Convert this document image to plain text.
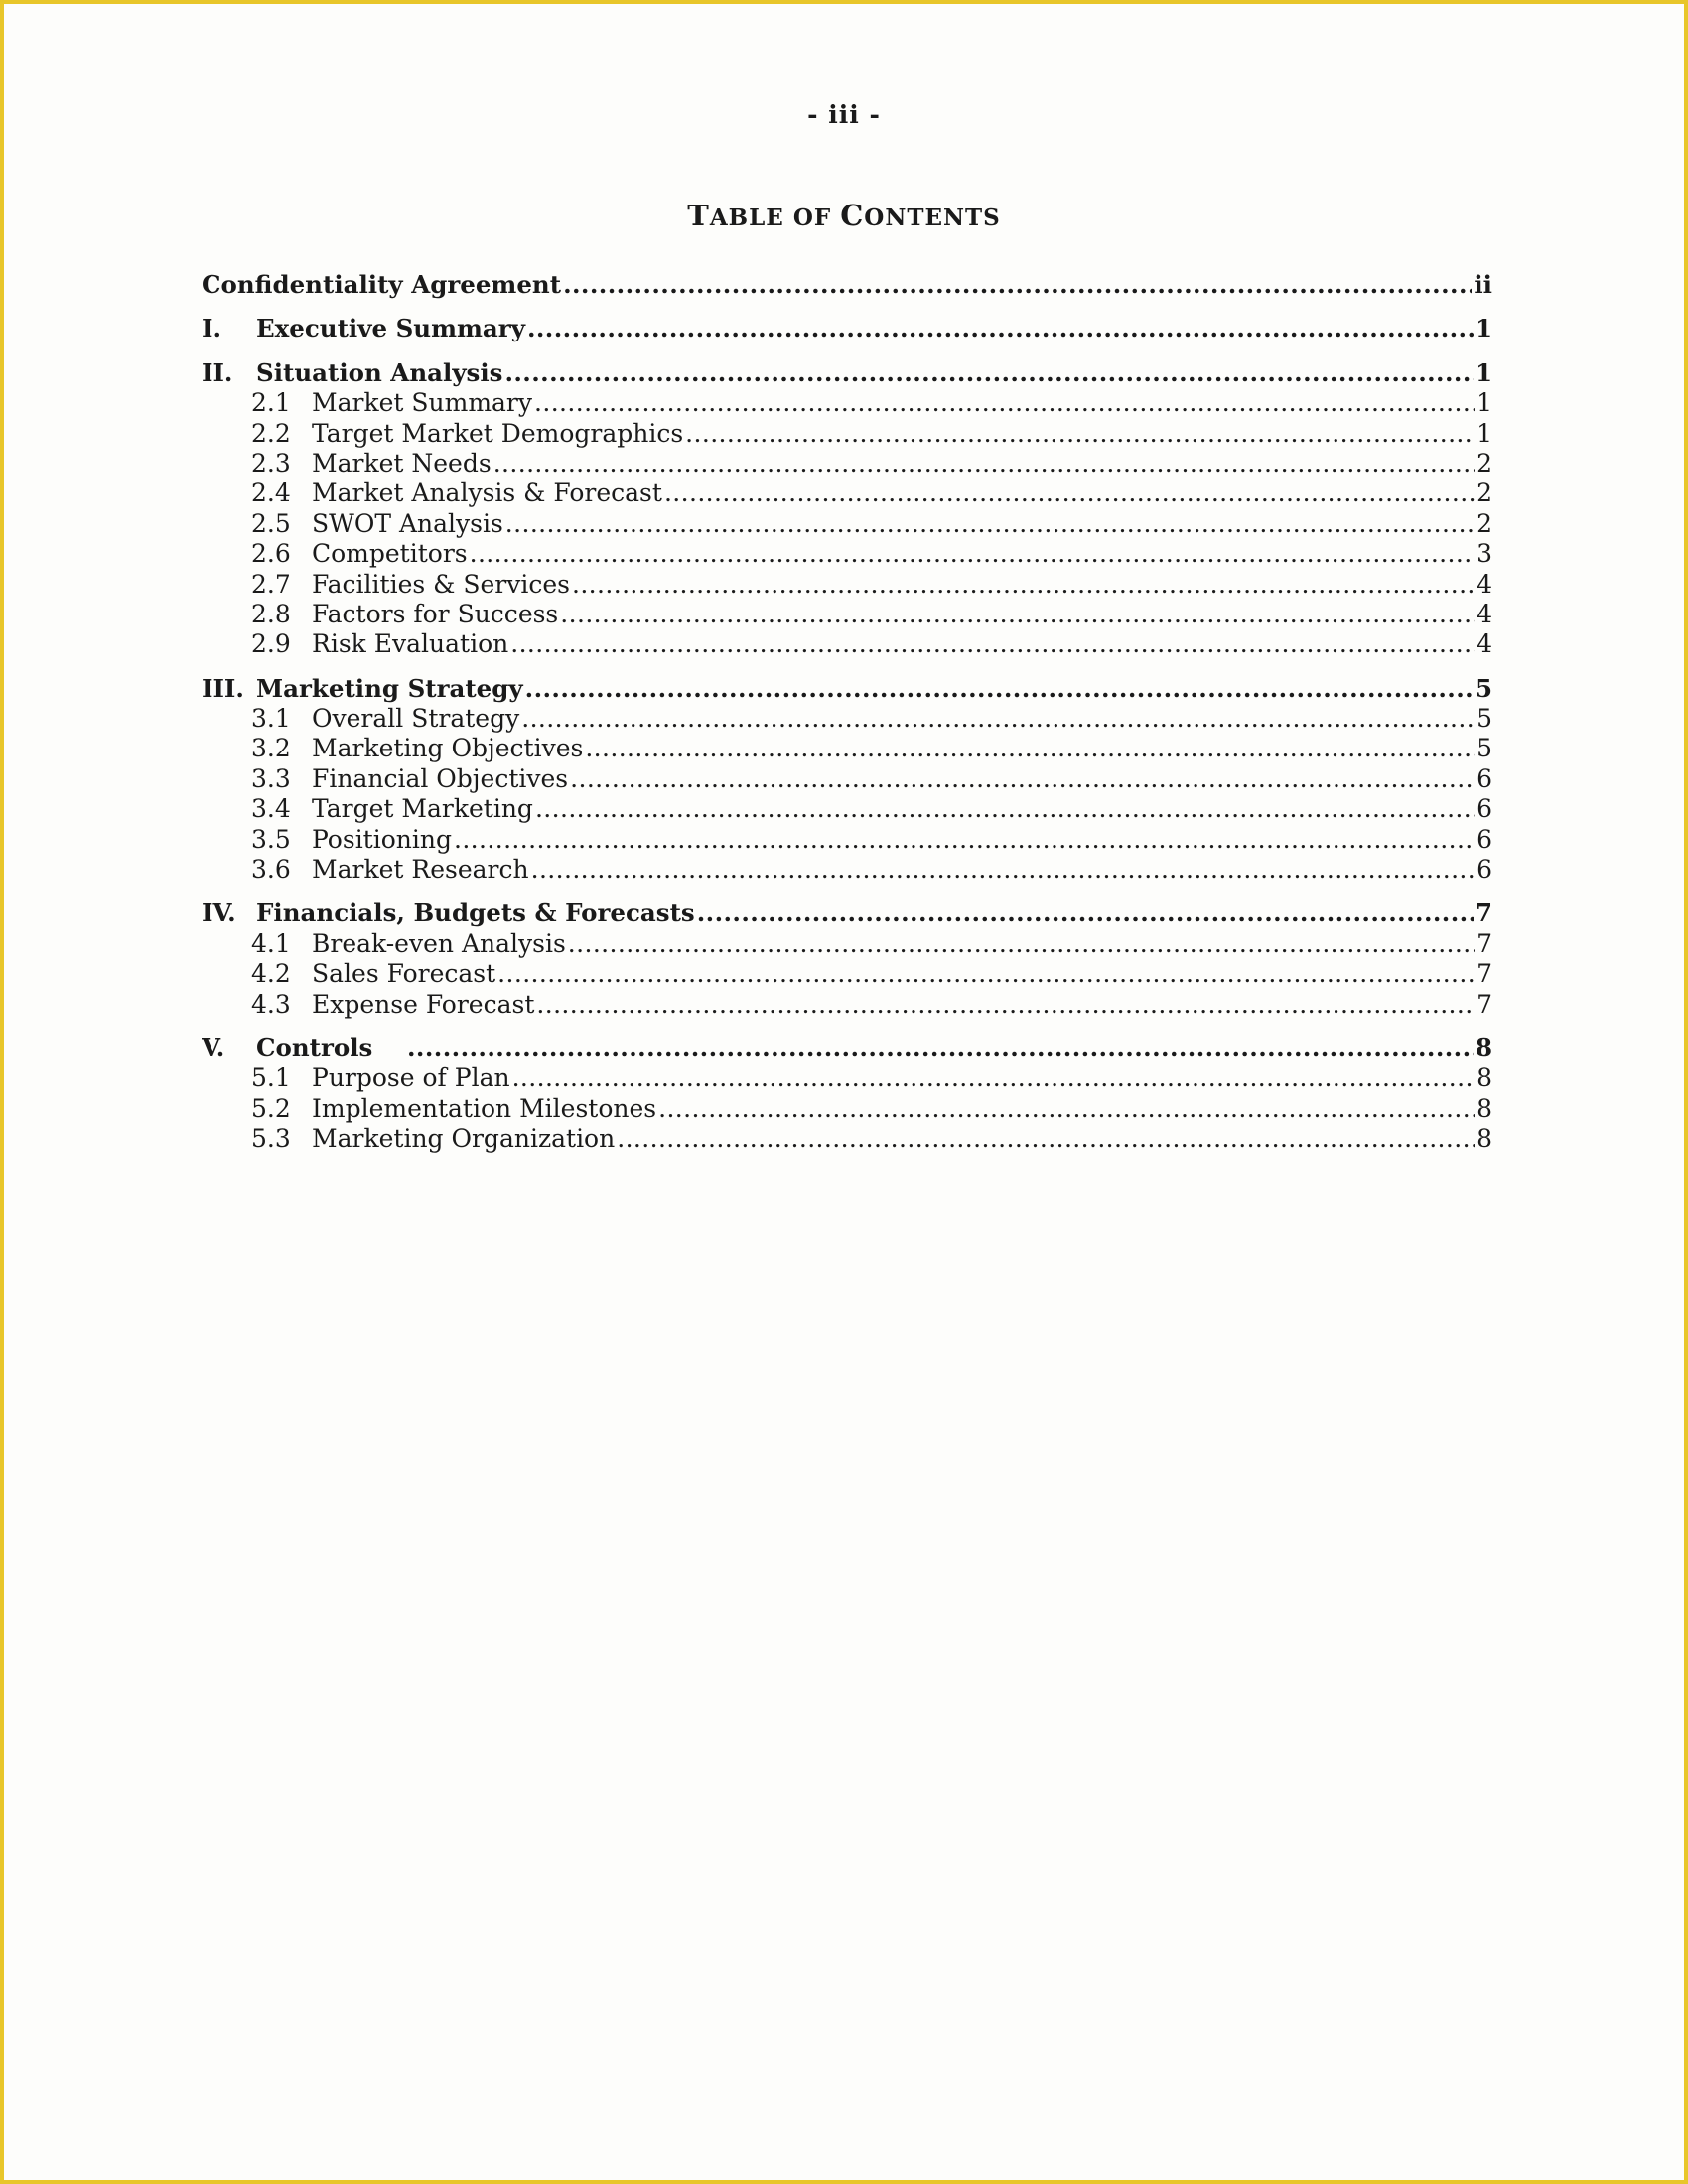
- iii -
TABLE OF CONTENTS
Confidentiality Agreement .....	ii
I.	Executive Summary .....	1
II. Situation Analysis .....	1
2.1 Market Summary .....	1
2.2 Target Market Demographics .....	1
2.3 Market Needs .....	2
2.4 Market Analysis & Forecast .....	2
2.5 SWOT Analysis .....	2
2.6 Competitors .....	3
2.7 Facilities & Services .....	4
2.8 Factors for Success .....	4
2.9 Risk Evaluation .....	4
III. Marketing Strategy .....	5
3.1 Overall Strategy .....	5
3.2 Marketing Objectives .....	5
3.3 Financial Objectives .....	6
3.4 Target Marketing .....	6
3.5 Positioning .....	6
3.6 Market Research .....	6
IV. Financials, Budgets & Forecasts .....	7
4.1 Break-even Analysis .....	7
4.2 Sales Forecast .....	7
4.3 Expense Forecast .....	7
V.	Controls .....	8
5.1 Purpose of Plan .....	8
5.2 Implementation Milestones .....	8
5.3 Marketing Organization .....	8
